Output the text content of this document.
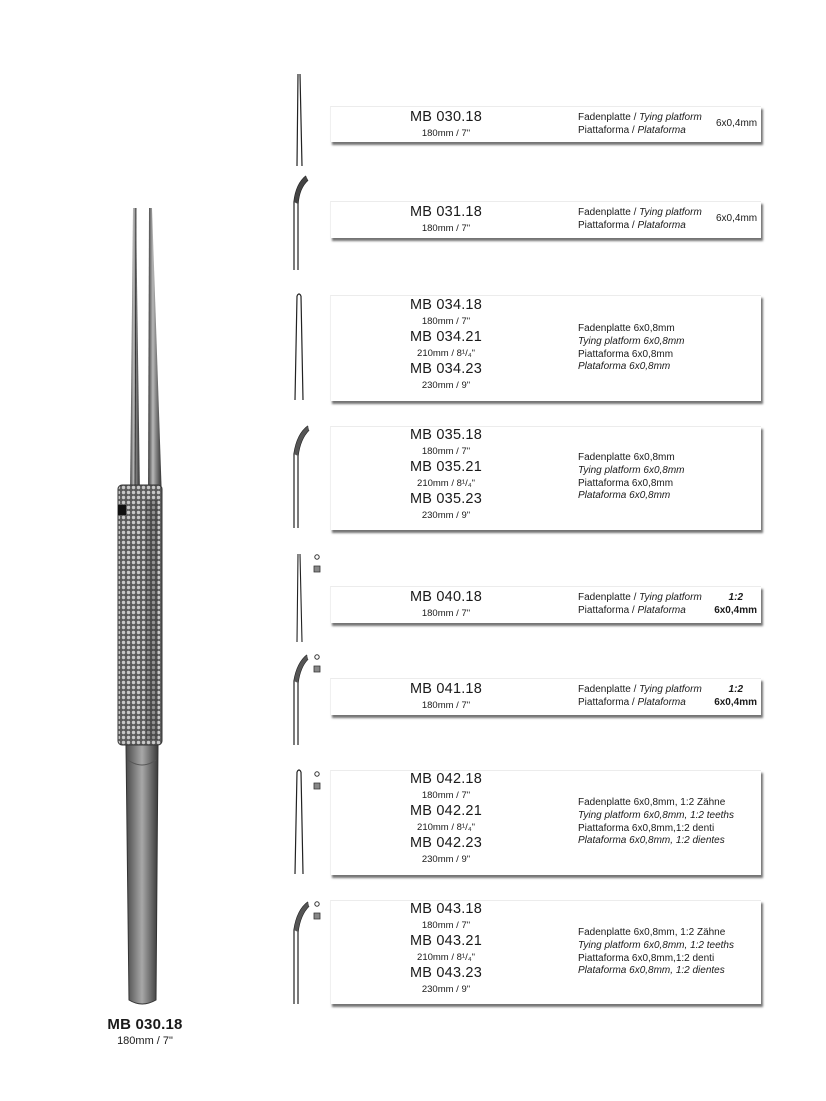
MB 030.18
180mm / 7"
MB 030.18
180mm / 7"
Fadenplatte / Tying platform
Piattaforma / Plataforma
6x0,4mm
MB 031.18
180mm / 7"
Fadenplatte / Tying platform
Piattaforma / Plataforma
6x0,4mm
MB 034.18
180mm / 7"
MB 034.21
210mm / 8¹/₄"
MB 034.23
230mm / 9"
Fadenplatte 6x0,8mm
Tying platform 6x0,8mm
Piattaforma 6x0,8mm
Plataforma 6x0,8mm
MB 035.18
180mm / 7"
MB 035.21
210mm / 8¹/₄"
MB 035.23
230mm / 9"
Fadenplatte 6x0,8mm
Tying platform 6x0,8mm
Piattaforma 6x0,8mm
Plataforma 6x0,8mm
MB 040.18
180mm / 7"
Fadenplatte / Tying platform
Piattaforma / Plataforma
1:2
6x0,4mm
MB 041.18
180mm / 7"
Fadenplatte / Tying platform
Piattaforma / Plataforma
1:2
6x0,4mm
MB 042.18
180mm / 7"
MB 042.21
210mm / 8¹/₄"
MB 042.23
230mm / 9"
Fadenplatte 6x0,8mm, 1:2 Zähne
Tying platform 6x0,8mm, 1:2 teeths
Piattaforma 6x0,8mm,1:2 denti
Plataforma 6x0,8mm, 1:2 dientes
MB 043.18
180mm / 7"
MB 043.21
210mm / 8¹/₄"
MB 043.23
230mm / 9"
Fadenplatte 6x0,8mm, 1:2 Zähne
Tying platform 6x0,8mm, 1:2 teeths
Piattaforma 6x0,8mm,1:2 denti
Plataforma 6x0,8mm, 1:2 dientes
